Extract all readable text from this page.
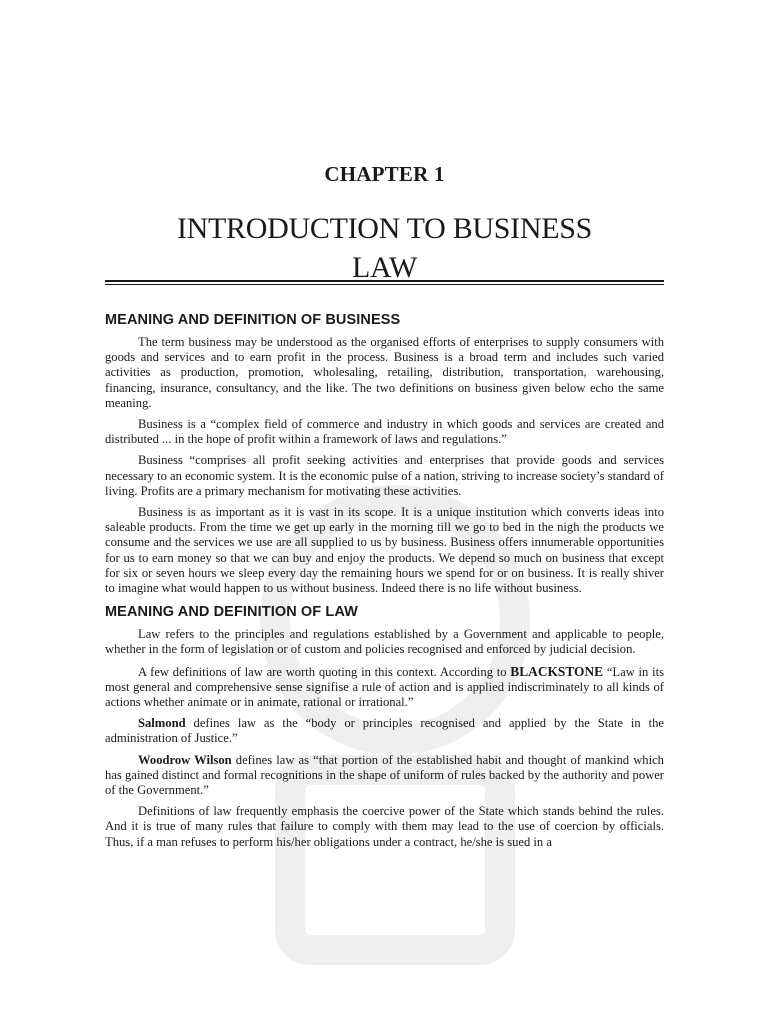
CHAPTER 1
INTRODUCTION TO BUSINESS
LAW
MEANING AND DEFINITION OF BUSINESS

The term business may be understood as the organised efforts of enterprises to supply consumers with goods and services and to earn profit in the process. Business is a broad term and includes such varied activities as production, promotion, wholesaling, retailing, distribution, transportation, warehousing, financing, insurance, consultancy, and the like. The two definitions on business given below echo the same meaning.

Business is a “complex field of commerce and industry in which goods and services are created and distributed ... in the hope of profit within a framework of laws and regulations.”

Business “comprises all profit seeking activities and enterprises that provide goods and services necessary to an economic system. It is the economic pulse of a nation, striving to increase society’s standard of living. Profits are a primary mechanism for motivating these activities.

Business is as important as it is vast in its scope. It is a unique institution which converts ideas into saleable products. From the time we get up early in the morning till we go to bed in the nigh the products we consume and the services we use are all supplied to us by business. Business offers innumerable opportunities for us to earn money so that we can buy and enjoy the products. We depend so much on business that except for six or seven hours we sleep every day the remaining hours we spend for or on business. It is really shiver to imagine what would happen to us without business. Indeed there is no life without business.

MEANING AND DEFINITION OF LAW

Law refers to the principles and regulations established by a Government and applicable to people, whether in the form of legislation or of custom and policies recognised and enforced by judicial decision.

A few definitions of law are worth quoting in this context. According to BLACKSTONE “Law in its most general and comprehensive sense signifise a rule of action and is applied indiscriminately to all kinds of actions whether animate or in animate, rational or irrational.”

Salmond defines law as the “body or principles recognised and applied by the State in the administration of Justice.”

Woodrow Wilson defines law as “that portion of the established habit and thought of mankind which has gained distinct and formal recognitions in the shape of uniform of rules backed by the authority and power of the Government.”

Definitions of law frequently emphasis the coercive power of the State which stands behind the rules. And it is true of many rules that failure to comply with them may lead to the use of coercion by officials. Thus, if a man refuses to perform his/her obligations under a contract, he/she is sued in a
